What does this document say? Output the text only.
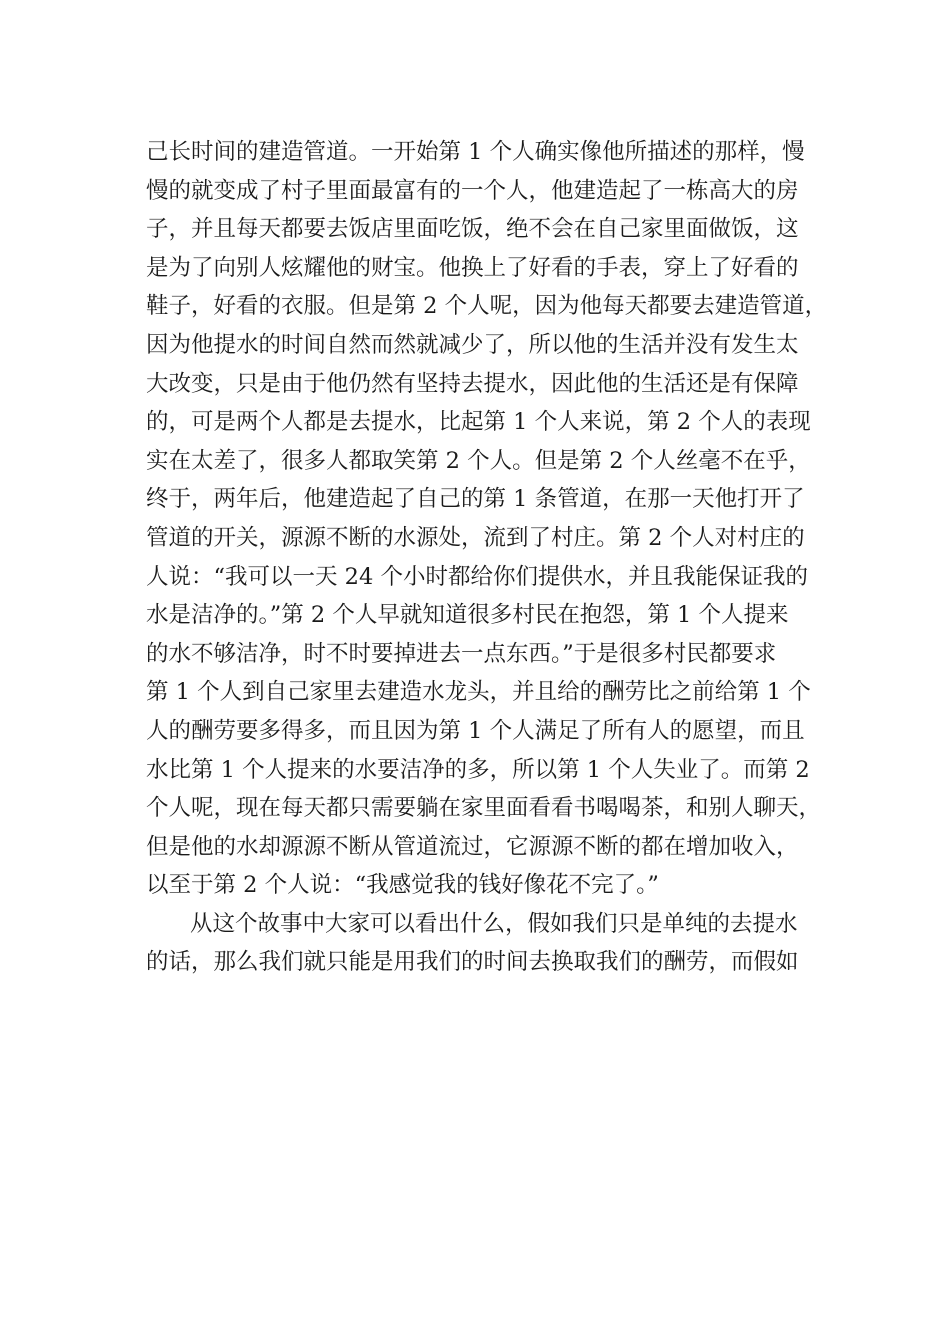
己长时间的建造管道。一开始第 1 个人确实像他所描述的那样，慢
慢的就变成了村子里面最富有的一个人，他建造起了一栋高大的房
子，并且每天都要去饭店里面吃饭，绝不会在自己家里面做饭，这
是为了向别人炫耀他的财宝。他换上了好看的手表，穿上了好看的
鞋子，好看的衣服。但是第 2 个人呢，因为他每天都要去建造管道，
因为他提水的时间自然而然就减少了，所以他的生活并没有发生太
大改变，只是由于他仍然有坚持去提水，因此他的生活还是有保障
的，可是两个人都是去提水，比起第 1 个人来说，第 2 个人的表现
实在太差了，很多人都取笑第 2 个人。但是第 2 个人丝毫不在乎，
终于，两年后，他建造起了自己的第 1 条管道，在那一天他打开了
管道的开关，源源不断的水源处，流到了村庄。第 2 个人对村庄的
人说：“我可以一天 24 个小时都给你们提供水，并且我能保证我的
水是洁净的。”第 2 个人早就知道很多村民在抱怨，第 1 个人提来
的水不够洁净，时不时要掉进去一点东西。”于是很多村民都要求
第 1 个人到自己家里去建造水龙头，并且给的酬劳比之前给第 1 个
人的酬劳要多得多，而且因为第 1 个人满足了所有人的愿望，而且
水比第 1 个人提来的水要洁净的多，所以第 1 个人失业了。而第 2
个人呢，现在每天都只需要躺在家里面看看书喝喝茶，和别人聊天，
但是他的水却源源不断从管道流过，它源源不断的都在增加收入，
以至于第 2 个人说：“我感觉我的钱好像花不完了。”
从这个故事中大家可以看出什么，假如我们只是单纯的去提水
的话，那么我们就只能是用我们的时间去换取我们的酬劳，而假如
